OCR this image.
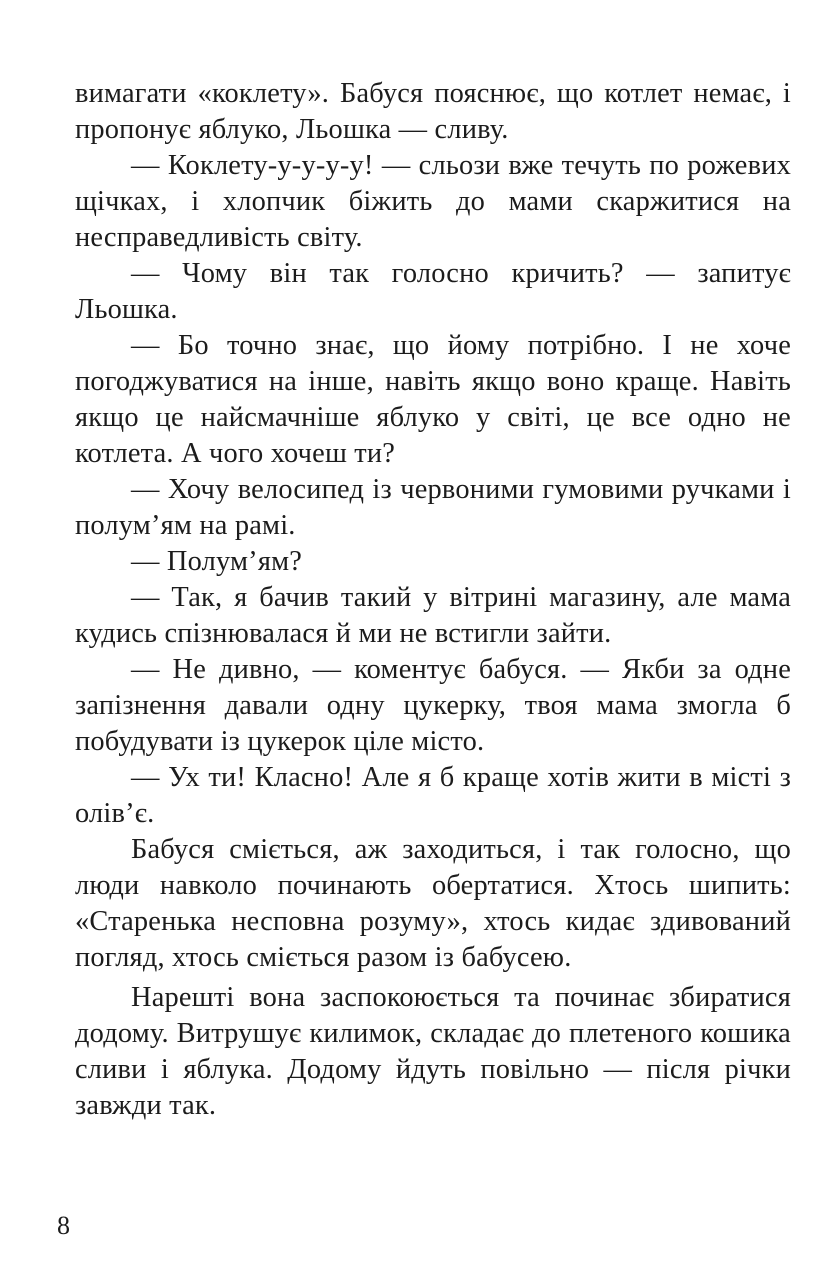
вимагати «коклету». Бабуся пояснює, що котлет немає, і пропонує яблуко, Льошка — сливу.

— Коклету-у-у-у-у! — сльози вже течуть по рожевих щічках, і хлопчик біжить до мами скаржитися на несправедливість світу.

— Чому він так голосно кричить? — запитує Льошка.

— Бо точно знає, що йому потрібно. І не хоче погоджуватися на інше, навіть якщо воно краще. Навіть якщо це найсмачніше яблуко у світі, це все одно не котлета. А чого хочеш ти?

— Хочу велосипед із червоними гумовими ручками і полум’ям на рамі.

— Полум’ям?

— Так, я бачив такий у вітрині магазину, але мама кудись спізнювалася й ми не встигли зайти.

— Не дивно, — коментує бабуся. — Якби за одне запізнення давали одну цукерку, твоя мама змогла б побудувати із цукерок ціле місто.

— Ух ти! Класно! Але я б краще хотів жити в місті з олів’є.

Бабуся сміється, аж заходиться, і так голосно, що люди навколо починають обертатися. Хтось шипить: «Старенька несповна розуму», хтось кидає здивований погляд, хтось сміється разом із бабусею.

Нарешті вона заспокоюється та починає збиратися додому. Витрушує килимок, складає до плетеного кошика сливи і яблука. Додому йдуть повільно — після річки завжди так.

8
